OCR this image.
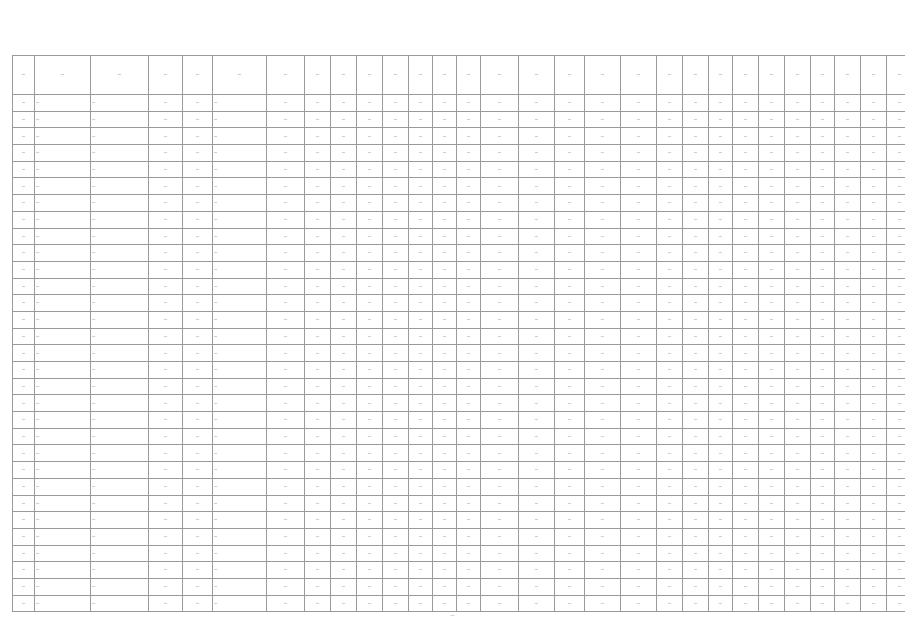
—	—	—	—	—	—	—	—	—	—	—	—	—	—	—	—	—	—	—	—	—	—	—	—	—	—	—	—	—
—	—	—	—	—	—	—	—	—	—	—	—	—	—	—	—	—	—	—	—	—	—	—	—	—	—	—	—	—
—	—	—	—	—	—	—	—	—	—	—	—	—	—	—	—	—	—	—	—	—	—	—	—	—	—	—	—	—
—	—	—	—	—	—	—	—	—	—	—	—	—	—	—	—	—	—	—	—	—	—	—	—	—	—	—	—	—
—	—	—	—	—	—	—	—	—	—	—	—	—	—	—	—	—	—	—	—	—	—	—	—	—	—	—	—	—
—	—	—	—	—	—	—	—	—	—	—	—	—	—	—	—	—	—	—	—	—	—	—	—	—	—	—	—	—
—	—	—	—	—	—	—	—	—	—	—	—	—	—	—	—	—	—	—	—	—	—	—	—	—	—	—	—	—
—	—	—	—	—	—	—	—	—	—	—	—	—	—	—	—	—	—	—	—	—	—	—	—	—	—	—	—	—
—	—	—	—	—	—	—	—	—	—	—	—	—	—	—	—	—	—	—	—	—	—	—	—	—	—	—	—	—
—	—	—	—	—	—	—	—	—	—	—	—	—	—	—	—	—	—	—	—	—	—	—	—	—	—	—	—	—
—	—	—	—	—	—	—	—	—	—	—	—	—	—	—	—	—	—	—	—	—	—	—	—	—	—	—	—	—
—	—	—	—	—	—	—	—	—	—	—	—	—	—	—	—	—	—	—	—	—	—	—	—	—	—	—	—	—
—	—	—	—	—	—	—	—	—	—	—	—	—	—	—	—	—	—	—	—	—	—	—	—	—	—	—	—	—
—	—	—	—	—	—	—	—	—	—	—	—	—	—	—	—	—	—	—	—	—	—	—	—	—	—	—	—	—
—	—	—	—	—	—	—	—	—	—	—	—	—	—	—	—	—	—	—	—	—	—	—	—	—	—	—	—	—
—	—	—	—	—	—	—	—	—	—	—	—	—	—	—	—	—	—	—	—	—	—	—	—	—	—	—	—	—
—	—	—	—	—	—	—	—	—	—	—	—	—	—	—	—	—	—	—	—	—	—	—	—	—	—	—	—	—
—	—	—	—	—	—	—	—	—	—	—	—	—	—	—	—	—	—	—	—	—	—	—	—	—	—	—	—	—
—	—	—	—	—	—	—	—	—	—	—	—	—	—	—	—	—	—	—	—	—	—	—	—	—	—	—	—	—
—	—	—	—	—	—	—	—	—	—	—	—	—	—	—	—	—	—	—	—	—	—	—	—	—	—	—	—	—
—	—	—	—	—	—	—	—	—	—	—	—	—	—	—	—	—	—	—	—	—	—	—	—	—	—	—	—	—
—	—	—	—	—	—	—	—	—	—	—	—	—	—	—	—	—	—	—	—	—	—	—	—	—	—	—	—	—
—	—	—	—	—	—	—	—	—	—	—	—	—	—	—	—	—	—	—	—	—	—	—	—	—	—	—	—	—
—	—	—	—	—	—	—	—	—	—	—	—	—	—	—	—	—	—	—	—	—	—	—	—	—	—	—	—	—
—	—	—	—	—	—	—	—	—	—	—	—	—	—	—	—	—	—	—	—	—	—	—	—	—	—	—	—	—
—	—	—	—	—	—	—	—	—	—	—	—	—	—	—	—	—	—	—	—	—	—	—	—	—	—	—	—	—
—	—	—	—	—	—	—	—	—	—	—	—	—	—	—	—	—	—	—	—	—	—	—	—	—	—	—	—	—
—	—	—	—	—	—	—	—	—	—	—	—	—	—	—	—	—	—	—	—	—	—	—	—	—	—	—	—	—
—	—	—	—	—	—	—	—	—	—	—	—	—	—	—	—	—	—	—	—	—	—	—	—	—	—	—	—	—
—	—	—	—	—	—	—	—	—	—	—	—	—	—	—	—	—	—	—	—	—	—	—	—	—	—	—	—	—
—	—	—	—	—	—	—	—	—	—	—	—	—	—	—	—	—	—	—	—	—	—	—	—	—	—	—	—	—
—	—	—	—	—	—	—	—	—	—	—	—	—	—	—	—	—	—	—	—	—	—	—	—	—	—	—	—	—
—
